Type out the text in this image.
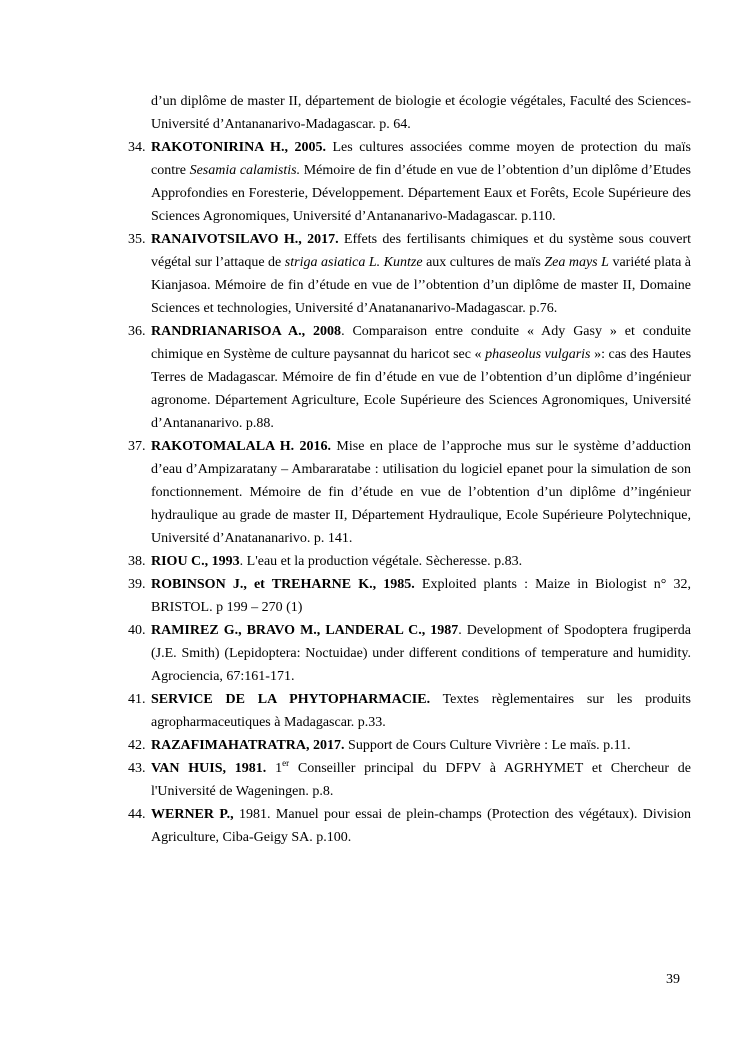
d’un diplôme de master II, département de biologie et écologie végétales, Faculté des Sciences-Université d’Antananarivo-Madagascar. p. 64.
34. RAKOTONIRINA H., 2005. Les cultures associées comme moyen de protection du maïs contre Sesamia calamistis. Mémoire de fin d’étude en vue de l’obtention d’un diplôme d’Etudes Approfondies en Foresterie, Développement. Département Eaux et Forêts, Ecole Supérieure des Sciences Agronomiques, Université d’Antananarivo-Madagascar. p.110.
35. RANAIVOTSILAVO H., 2017. Effets des fertilisants chimiques et du système sous couvert végétal sur l’attaque de striga asiatica L. Kuntze aux cultures de maïs Zea mays L variété plata à Kianjasoa. Mémoire de fin d’étude en vue de l’’obtention d’un diplôme de master II, Domaine Sciences et technologies, Université d’Anatananarivo-Madagascar. p.76.
36. RANDRIANARISOA A., 2008. Comparaison entre conduite « Ady Gasy » et conduite chimique en Système de culture paysannat du haricot sec « phaseolus vulgaris »: cas des Hautes Terres de Madagascar. Mémoire de fin d’étude en vue de l’obtention d’un diplôme d’ingénieur agronome. Département Agriculture, Ecole Supérieure des Sciences Agronomiques, Université d’Antananarivo. p.88.
37. RAKOTOMALALA H. 2016. Mise en place de l’approche mus sur le système d’adduction d’eau d’Ampizaratany – Ambararatabe : utilisation du logiciel epanet pour la simulation de son fonctionnement. Mémoire de fin d’étude en vue de l’obtention d’un diplôme d’’ingénieur hydraulique au grade de master II, Département Hydraulique, Ecole Supérieure Polytechnique, Université d’Anatananarivo. p. 141.
38. RIOU C., 1993. L'eau et la production végétale. Sècheresse. p.83.
39. ROBINSON J., et TREHARNE K., 1985. Exploited plants : Maize in Biologist n° 32, BRISTOL. p 199 – 270 (1)
40. RAMIREZ G., BRAVO M., LANDERAL C., 1987. Development of Spodoptera frugiperda (J.E. Smith) (Lepidoptera: Noctuidae) under different conditions of temperature and humidity. Agrociencia, 67:161-171.
41. SERVICE DE LA PHYTOPHARMACIE. Textes règlementaires sur les produits agropharmaceutiques à Madagascar. p.33.
42. RAZAFIMAHATRATRA, 2017. Support de Cours Culture Vivrière : Le maïs. p.11.
43. VAN HUIS, 1981. 1er Conseiller principal du DFPV à AGRHYMET et Chercheur de l'Université de Wageningen. p.8.
44. WERNER P., 1981. Manuel pour essai de plein-champs (Protection des végétaux). Division Agriculture, Ciba-Geigy SA. p.100.
39
